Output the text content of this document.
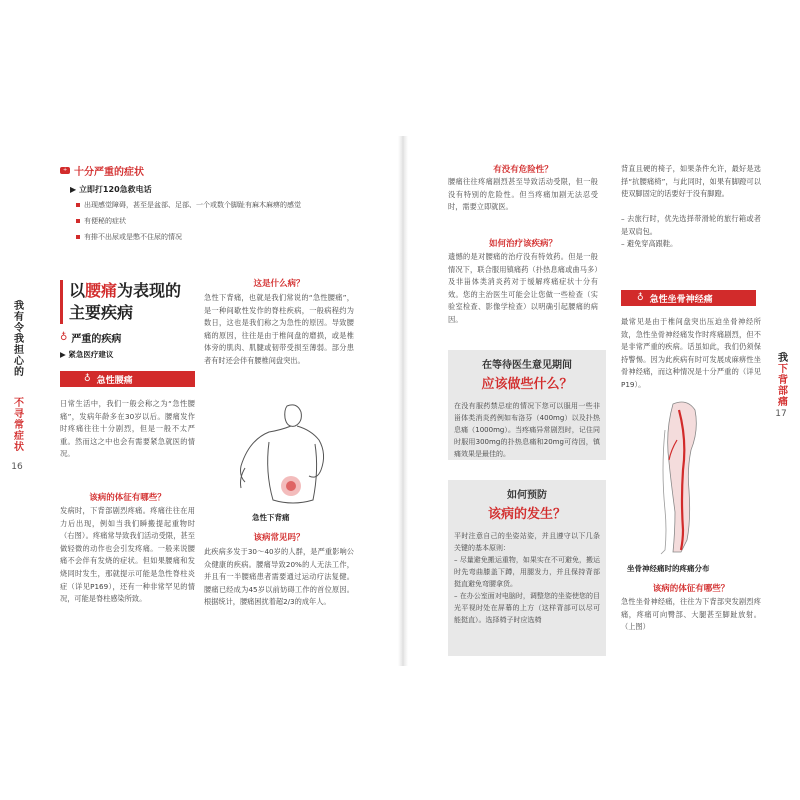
我有令我担心的
不寻常症状
16
+ 十分严重的症状
▶ 立即打120急救电话
出现感觉障碍，甚至是盆部、足部、一个或数个脚趾有麻木麻痹的感觉
有便秘的症状
有排不出尿或是憋不住尿的情况
以腰痛为表现的
主要疾病
♁ 严重的疾病
▶ 紧急医疗建议
♁ 急性腰痛
日常生活中，我们一般会称之为“急性腰痛”，发病年龄多在30岁以后。腰痛发作时疼痛往往十分剧烈，但是一般不太严重。然而这之中也会有需要紧急就医的情况。
该病的体征有哪些？
发病时，下背部剧烈疼痛。疼痛往往在用力后出现，例如当我们瞬搬提起重物时（右图）。疼痛常导致我们活动受限，甚至做轻微的动作也会引发疼痛。一般来说腰痛不会伴有发烧的症状。但如果腰痛和发烧同时发生，那就提示可能是急性脊柱炎症（详见P169），还有一种非常罕见的情况，可能是脊柱感染所致。
这是什么病？
急性下背痛，也就是我们常说的“急性腰痛”，是一种间歇性发作的脊柱疾病，一般病程约为数日，这也是我们称之为急性的原因。导致腰痛的原因，往往是由于椎间盘的磨损，或是椎体旁的肌肉、肌腱或韧带受损至薄弱。部分患者有时还会伴有腰椎间盘突出。
急性下背痛
该病常见吗？
此疾病多发于30～40岁的人群，是严重影响公众健康的疾病。腰痛导致20%的人无法工作，并且有一半腰痛患者需要通过运动疗法复健。腰痛已经成为45岁以前妨碍工作的首位原因。根据统计，腰痛困扰着超2/3的成年人。
有没有危险性？
腰痛往往疼痛剧烈甚至导致活动受限，但一般没有特别的危险性。但当疼痛加剧无法忍受时，需要立即就医。
如何治疗该疾病？
遗憾的是对腰痛的治疗没有特效药。但是一般情况下，联合服用镇痛药（扑热息痛或曲马多）及非甾体类消炎药对于缓解疼痛症状十分有效。您的主治医生可能会让您做一些检查（实验室检查、影像学检查）以明确引起腰痛的病因。
在等待医生意见期间
应该做些什么？
在没有服药禁忌症的情况下您可以服用一些非甾体类消炎药例如布洛芬（400mg）以及扑热息痛（1000mg）。当疼痛异常剧烈时，记住同时服用300mg的扑热息痛和20mg可待因，镇痛效果是最佳的。
如何预防
该病的发生？
平时注意自己的坐姿站姿，并且遵守以下几条关键的基本原则：
– 尽量避免搬运重物，如果实在不可避免，搬运时先弯曲膝盖下蹲，用腿发力，并且保持背部挺直避免弯腰拿货。
– 在办公室面对电脑时，调整您的坐姿使您的目光平视时处在屏幕的上方（这样背部可以尽可能挺直）。选择椅子时应选椅
背直且硬的椅子，如果条件允许，最好是选择“抗腰痛椅”，与此同时，如果有脚蹬可以使双脚固定的话要好于没有脚蹬。
– 去旅行时，优先选择带滑轮的旅行箱或者是双肩包。
– 避免穿高跟鞋。
♁ 急性坐骨神经痛
最常见是由于椎间盘突出压迫坐骨神经所致，急性坐骨神经痛发作时疼痛剧烈，但不是非常严重的疾病。话虽如此，我们仍须保持警惕。因为此疾病有时可发展成麻痹性坐骨神经痛，而这种情况是十分严重的（详见P19）。
坐骨神经痛时的疼痛分布
该病的体征有哪些？
急性坐骨神经痛，往往为下背部突发剧烈疼痛，疼痛可向臀部、大腿甚至脚趾放射。（上图）
我
下背部痛
17
